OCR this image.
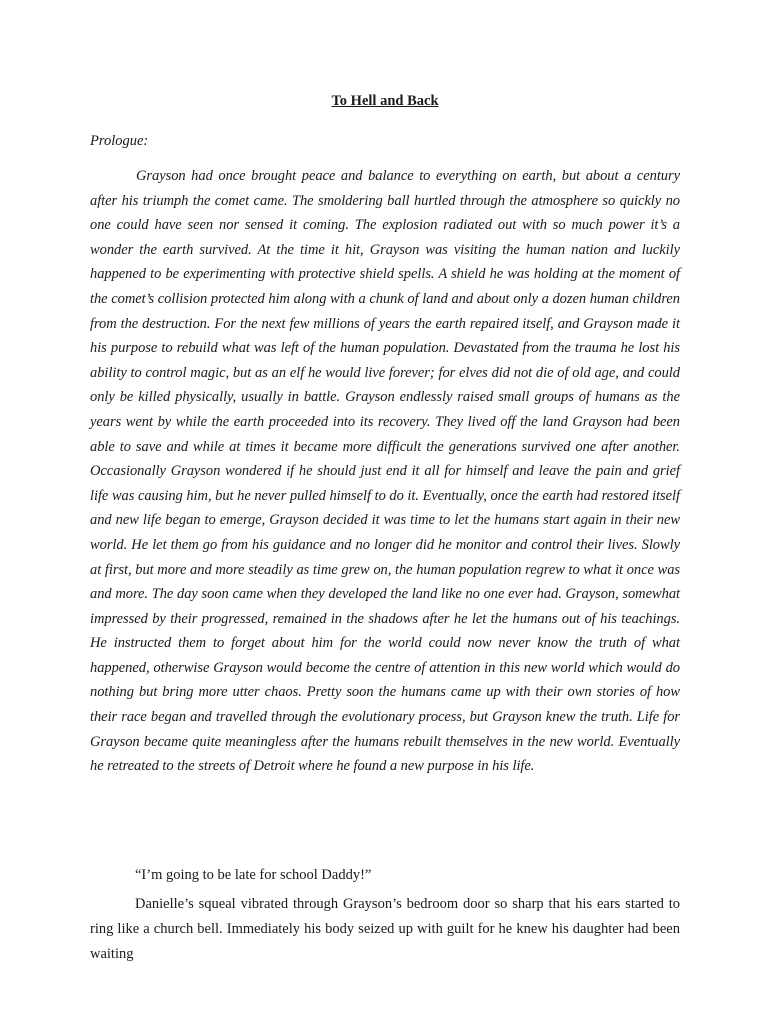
To Hell and Back

Prologue:

Grayson had once brought peace and balance to everything on earth, but about a century after his triumph the comet came. The smoldering ball hurtled through the atmosphere so quickly no one could have seen nor sensed it coming. The explosion radiated out with so much power it’s a wonder the earth survived. At the time it hit, Grayson was visiting the human nation and luckily happened to be experimenting with protective shield spells. A shield he was holding at the moment of the comet’s collision protected him along with a chunk of land and about only a dozen human children from the destruction. For the next few millions of years the earth repaired itself, and Grayson made it his purpose to rebuild what was left of the human population. Devastated from the trauma he lost his ability to control magic, but as an elf he would live forever; for elves did not die of old age, and could only be killed physically, usually in battle. Grayson endlessly raised small groups of humans as the years went by while the earth proceeded into its recovery. They lived off the land Grayson had been able to save and while at times it became more difficult the generations survived one after another. Occasionally Grayson wondered if he should just end it all for himself and leave the pain and grief life was causing him, but he never pulled himself to do it. Eventually, once the earth had restored itself and new life began to emerge, Grayson decided it was time to let the humans start again in their new world. He let them go from his guidance and no longer did he monitor and control their lives. Slowly at first, but more and more steadily as time grew on, the human population regrew to what it once was and more. The day soon came when they developed the land like no one ever had. Grayson, somewhat impressed by their progressed, remained in the shadows after he let the humans out of his teachings. He instructed them to forget about him for the world could now never know the truth of what happened, otherwise Grayson would become the centre of attention in this new world which would do nothing but bring more utter chaos. Pretty soon the humans came up with their own stories of how their race began and travelled through the evolutionary process, but Grayson knew the truth. Life for Grayson became quite meaningless after the humans rebuilt themselves in the new world. Eventually he retreated to the streets of Detroit where he found a new purpose in his life.

“I’m going to be late for school Daddy!”

Danielle’s squeal vibrated through Grayson’s bedroom door so sharp that his ears started to ring like a church bell. Immediately his body seized up with guilt for he knew his daughter had been waiting
